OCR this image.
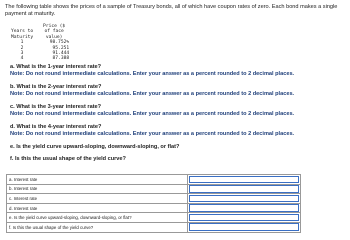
The following table shows the prices of a sample of Treasury bonds, all of which have coupon rates of zero. Each bond makes a single payment at maturity.
Years to Maturity	Price ($ of face value)
1	98.752%
2	95.251
3	91.444
4	87.388
a. What is the 1-year interest rate?
Note: Do not round intermediate calculations. Enter your answer as a percent rounded to 2 decimal places.
b. What is the 2-year interest rate?
Note: Do not round intermediate calculations. Enter your answer as a percent rounded to 2 decimal places.
c. What is the 3-year interest rate?
Note: Do not round intermediate calculations. Enter your answer as a percent rounded to 2 decimal places.
d. What is the 4-year interest rate?
Note: Do not round intermediate calculations. Enter your answer as a percent rounded to 2 decimal places.
e. Is the yield curve upward-sloping, downward-sloping, or flat?
f. Is this the usual shape of the yield curve?
a. Interest rate	

b. Interest rate	

c. Interest rate	

d. Interest rate	

e. Is the yield curve upward-sloping, downward-sloping, or flat?	

f. Is this the usual shape of the yield curve?	
